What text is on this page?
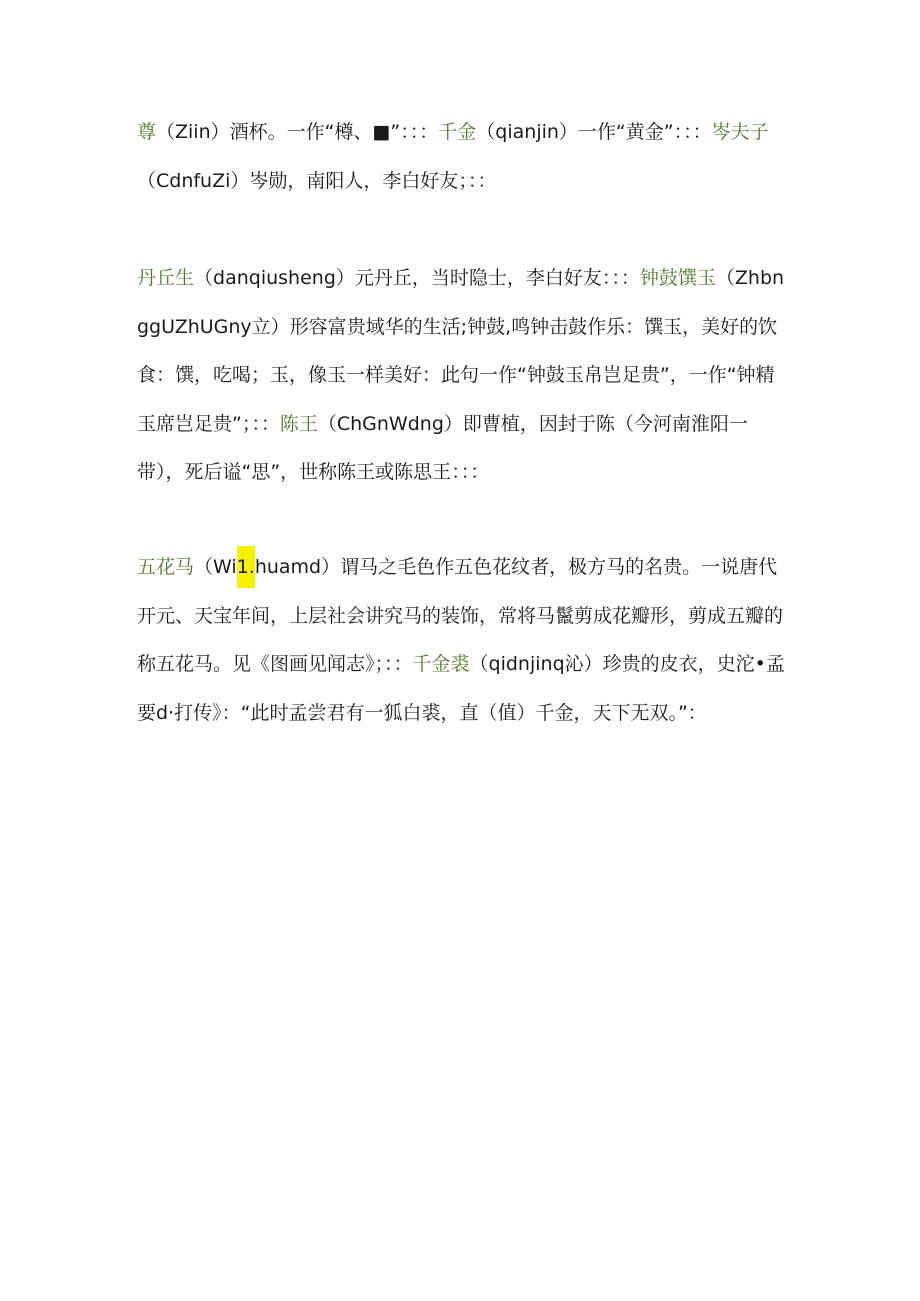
尊（Ziin）酒杯。一作“樽、■”：：：千金（qianjin）一作“黄金”：：：岑夫子（CdnfuZi）岑勋，南阳人，李白好友；：：

丹丘生（danqiusheng）元丹丘，当时隐士，李白好友：：：钟鼓馔玉（ZhbnggUZhUGny立）形容富贵域华的生活;钟鼓,鸣钟击鼓作乐：馔玉，美好的饮食：馔，吃喝；玉，像玉一样美好：此句一作“钟鼓玉帛岂足贵”，一作“钟精玉席岂足贵”；：：陈王（ChGnWdng）即曹植，因封于陈（今河南淮阳一带），死后谥“思”，世称陈王或陈思王：：：

五花马（Wi1.huamd）谓马之毛色作五色花纹者，极方马的名贵。一说唐代开元、天宝年间，上层社会讲究马的装饰，常将马鬣剪成花瓣形，剪成五瓣的称五花马。见《图画见闻志》；：：千金裘（qidnjinq沁）珍贵的皮衣，史沱•孟要d·打传》：“此时孟尝君有一狐白裘，直（值）千金，天下无双。”：
